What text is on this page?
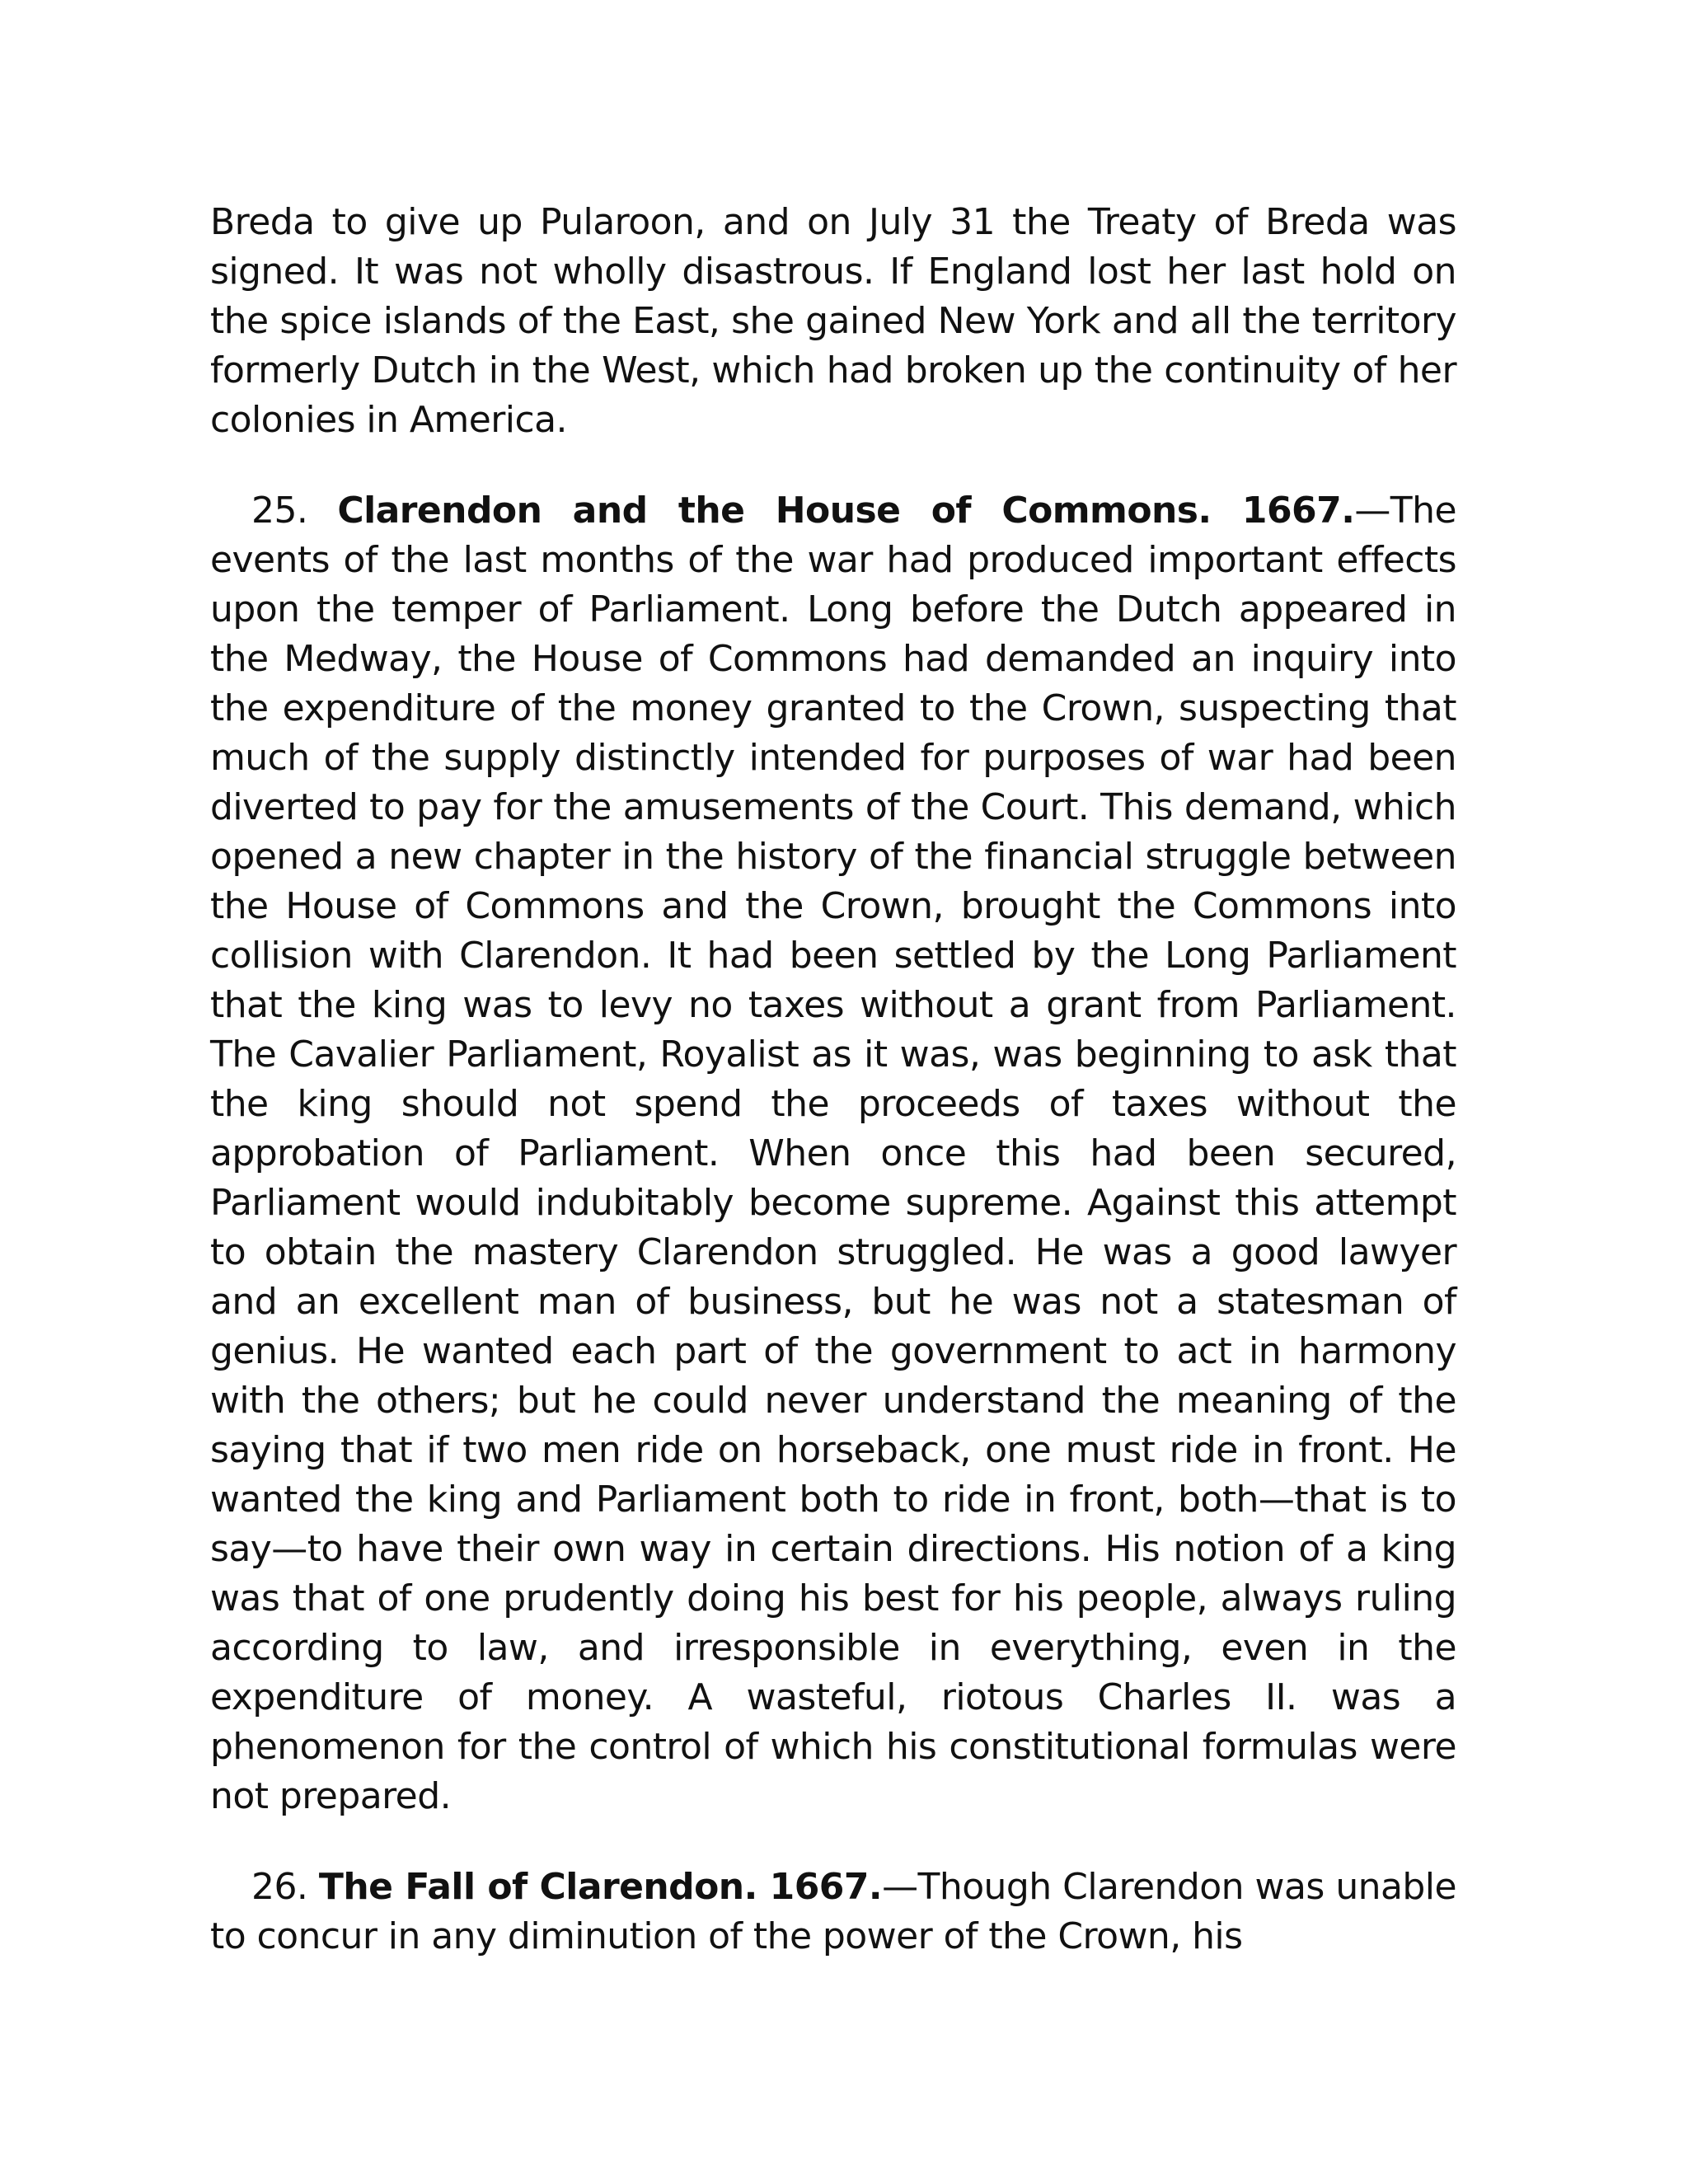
Breda to give up Pularoon, and on July 31 the Treaty of Breda was signed. It was not wholly disastrous. If England lost her last hold on the spice islands of the East, she gained New York and all the territory formerly Dutch in the West, which had broken up the continuity of her colonies in America.

25. Clarendon and the House of Commons. 1667.—The events of the last months of the war had produced important effects upon the temper of Parliament. Long before the Dutch appeared in the Medway, the House of Commons had demanded an inquiry into the expenditure of the money granted to the Crown, suspecting that much of the supply distinctly intended for purposes of war had been diverted to pay for the amusements of the Court. This demand, which opened a new chapter in the history of the financial struggle between the House of Commons and the Crown, brought the Commons into collision with Clarendon. It had been settled by the Long Parliament that the king was to levy no taxes without a grant from Parliament. The Cavalier Parliament, Royalist as it was, was beginning to ask that the king should not spend the proceeds of taxes without the approbation of Parliament. When once this had been secured, Parliament would indubitably become supreme. Against this attempt to obtain the mastery Clarendon struggled. He was a good lawyer and an excellent man of business, but he was not a statesman of genius. He wanted each part of the government to act in harmony with the others; but he could never understand the meaning of the saying that if two men ride on horseback, one must ride in front. He wanted the king and Parliament both to ride in front, both—that is to say—to have their own way in certain directions. His notion of a king was that of one prudently doing his best for his people, always ruling according to law, and irresponsible in everything, even in the expenditure of money. A wasteful, riotous Charles II. was a phenomenon for the control of which his constitutional formulas were not prepared.

26. The Fall of Clarendon. 1667.—Though Clarendon was unable to concur in any diminution of the power of the Crown, his
